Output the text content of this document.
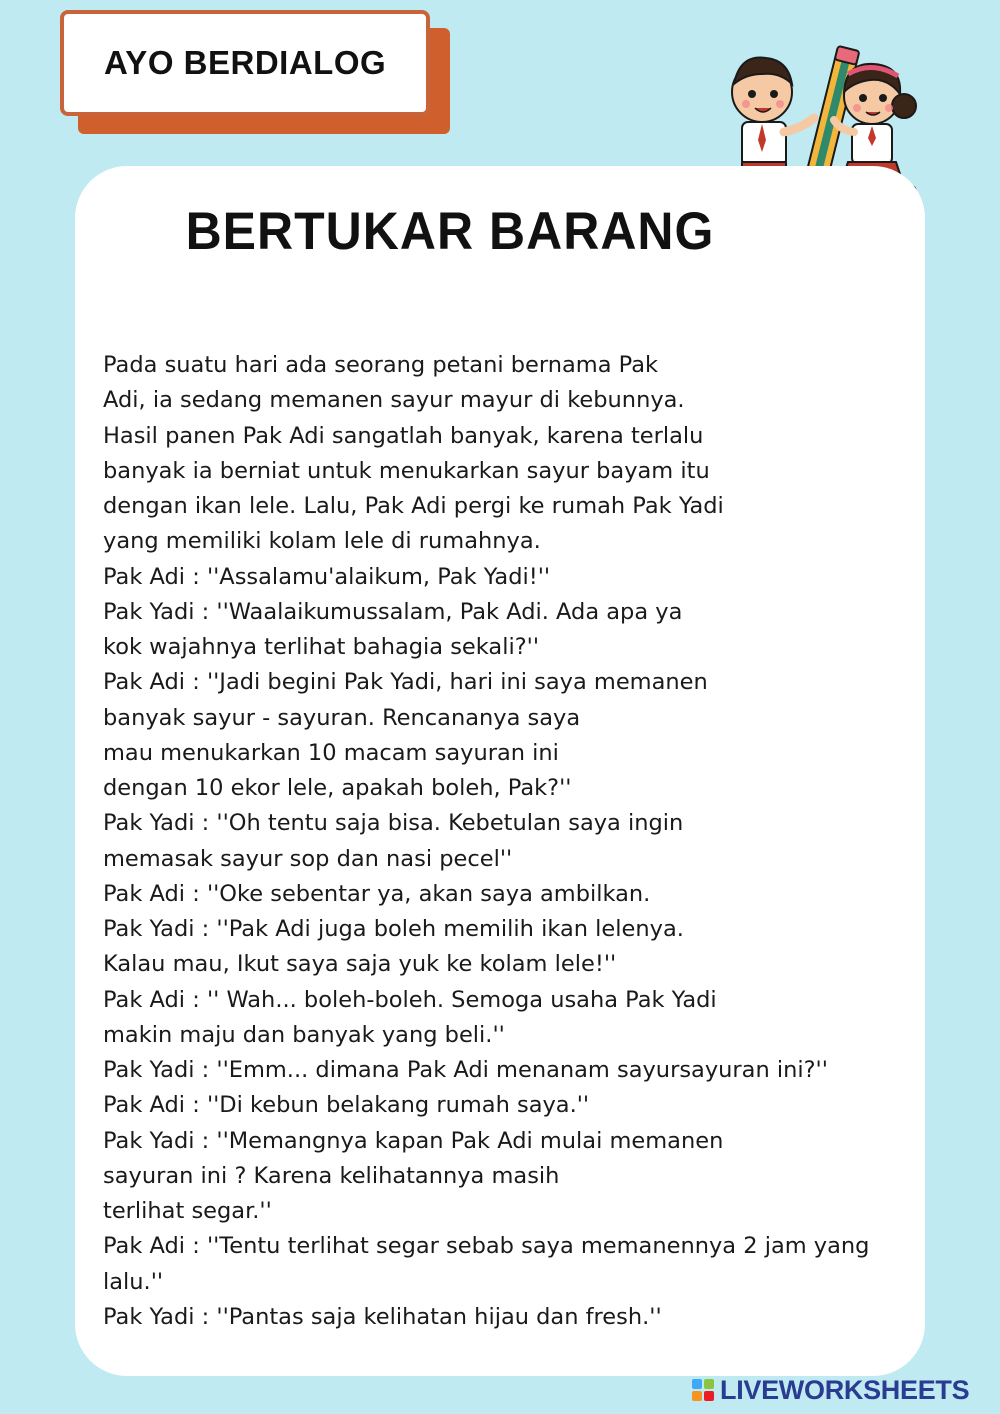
AYO BERDIALOG
BERTUKAR BARANG
Pada suatu hari ada seorang petani bernama Pak
Adi, ia sedang memanen sayur mayur di kebunnya.
Hasil panen Pak Adi sangatlah banyak, karena terlalu
banyak ia berniat untuk menukarkan sayur bayam itu
dengan ikan lele. Lalu, Pak Adi pergi ke rumah Pak Yadi
yang memiliki kolam lele di rumahnya.
Pak Adi : ''Assalamu'alaikum, Pak Yadi!''
Pak Yadi : ''Waalaikumussalam, Pak Adi. Ada apa ya
kok wajahnya terlihat bahagia sekali?''
Pak Adi : ''Jadi begini Pak Yadi, hari ini saya memanen
banyak sayur - sayuran. Rencananya saya
mau menukarkan 10 macam sayuran ini
dengan 10 ekor lele, apakah boleh, Pak?''
Pak Yadi : ''Oh tentu saja bisa. Kebetulan saya ingin
memasak sayur sop dan nasi pecel''
Pak Adi : ''Oke sebentar ya, akan saya ambilkan.
Pak Yadi : ''Pak Adi juga boleh memilih ikan lelenya.
Kalau mau, Ikut saya saja yuk ke kolam lele!''
Pak Adi : '' Wah... boleh-boleh. Semoga usaha Pak Yadi
makin maju dan banyak yang beli.''
Pak Yadi : ''Emm... dimana Pak Adi menanam sayursayuran ini?''
Pak Adi : ''Di kebun belakang rumah saya.''
Pak Yadi : ''Memangnya kapan Pak Adi mulai memanen
sayuran ini ? Karena kelihatannya masih
terlihat segar.''
Pak Adi : ''Tentu terlihat segar sebab saya memanennya 2 jam yang
lalu.''
Pak Yadi : ''Pantas saja kelihatan hijau dan fresh.''
LIVEWORKSHEETS
